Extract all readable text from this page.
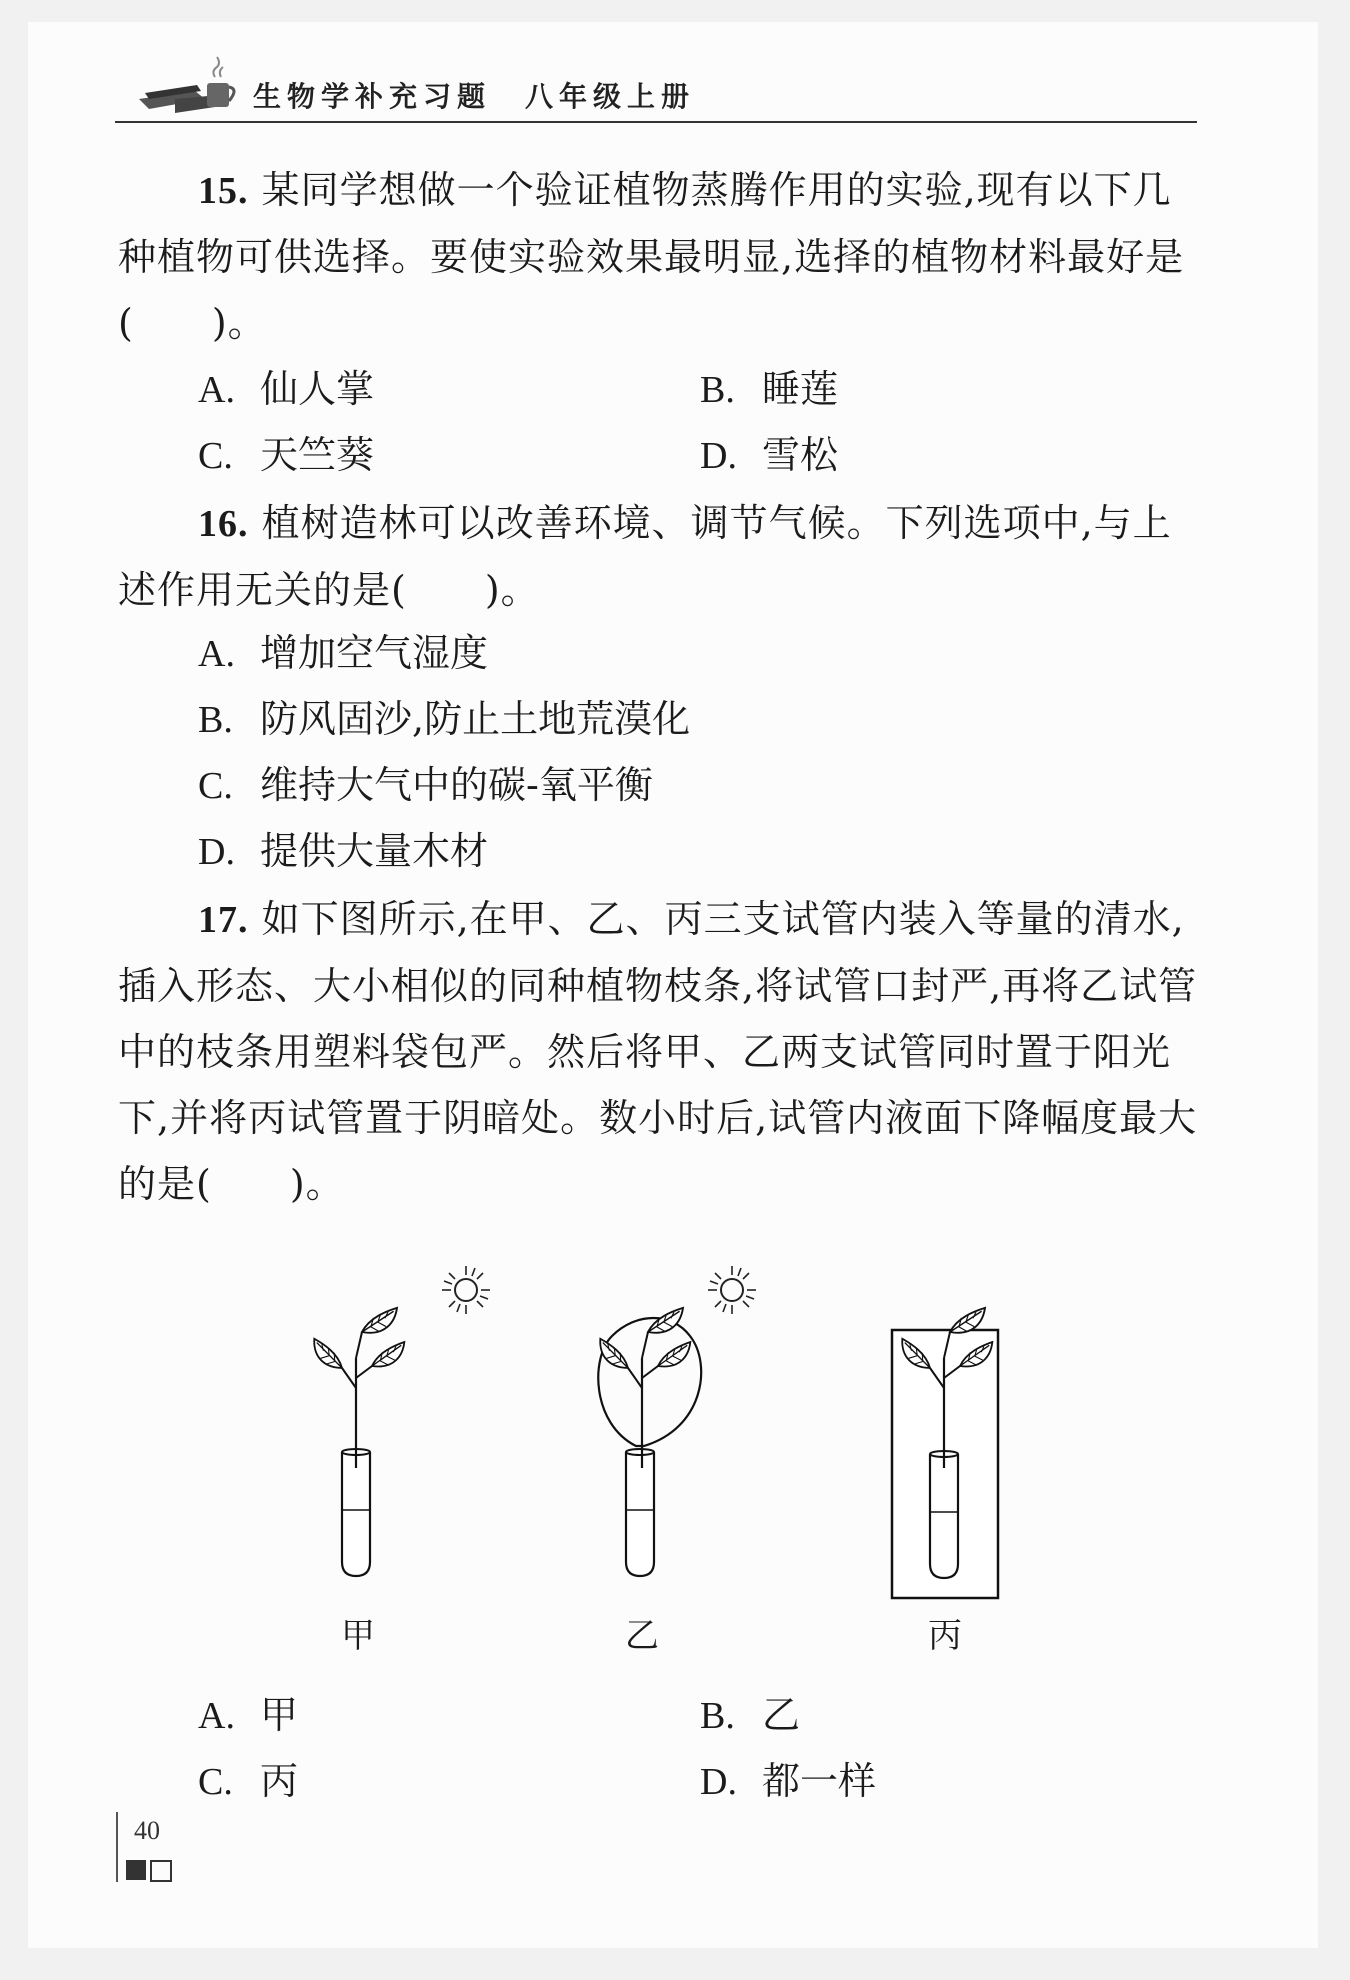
生物学补充习题　八年级上册

15. 某同学想做一个验证植物蒸腾作用的实验,现有以下几种植物可供选择。要使实验效果最明显,选择的植物材料最好是(　　)。

A. 仙人掌	B. 睡莲
C. 天竺葵	D. 雪松

16. 植树造林可以改善环境、调节气候。下列选项中,与上述作用无关的是(　　)。

A. 增加空气湿度
B. 防风固沙,防止土地荒漠化
C. 维持大气中的碳-氧平衡
D. 提供大量木材

17. 如下图所示,在甲、乙、丙三支试管内装入等量的清水,插入形态、大小相似的同种植物枝条,将试管口封严,再将乙试管中的枝条用塑料袋包严。然后将甲、乙两支试管同时置于阳光下,并将丙试管置于阴暗处。数小时后,试管内液面下降幅度最大的是(　　)。

甲	乙	丙
A. 甲	B. 乙
C. 丙	D. 都一样
40
